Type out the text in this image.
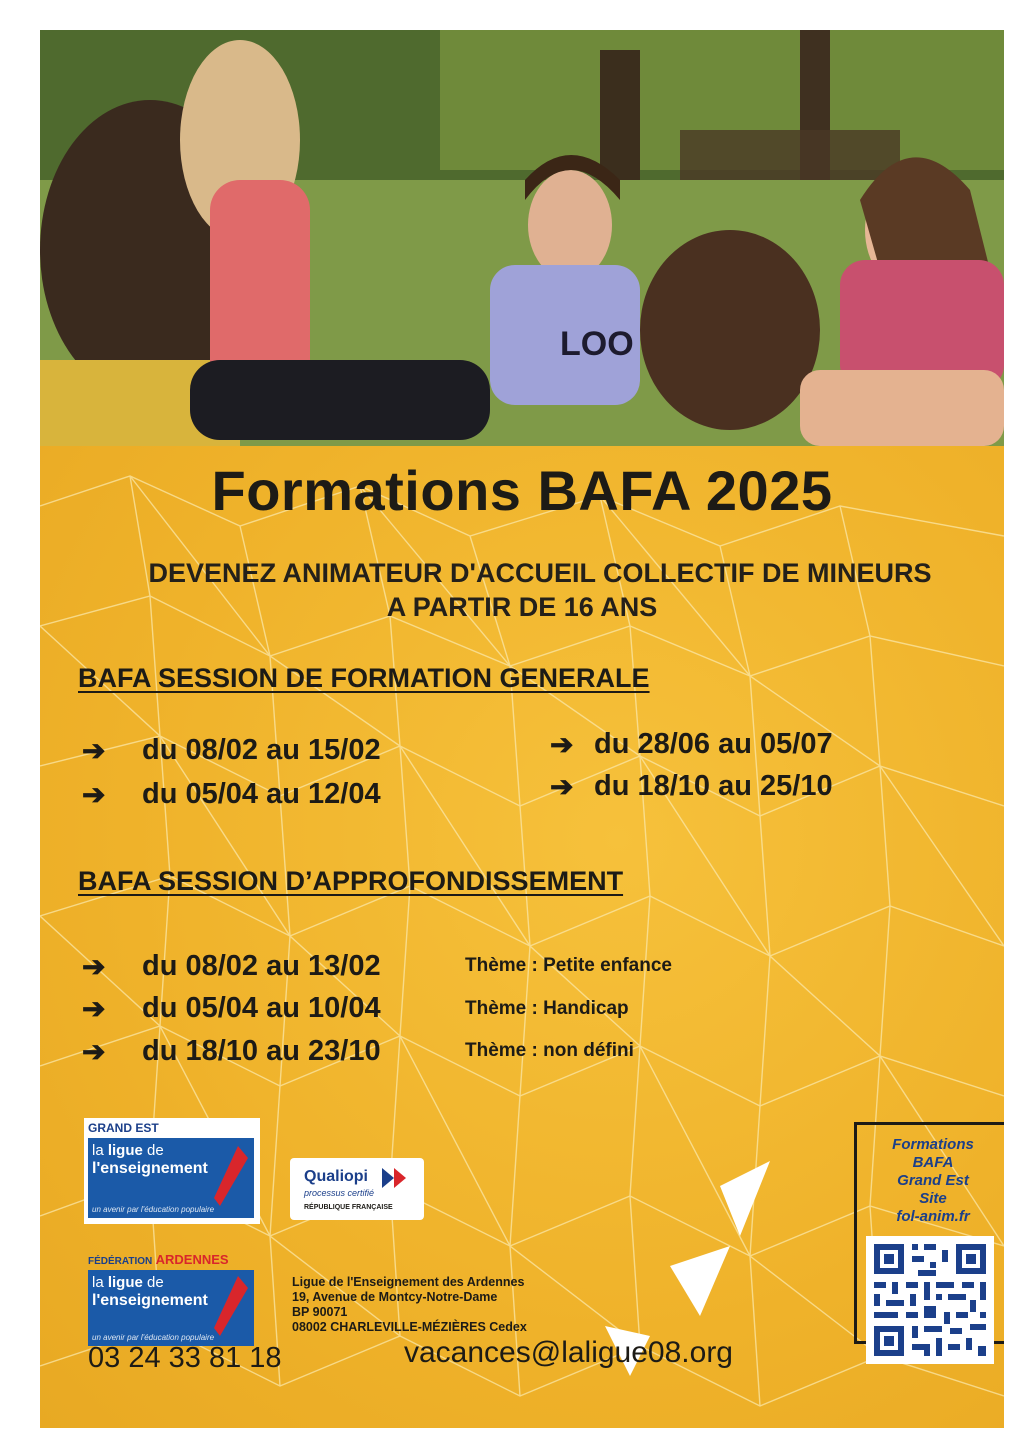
LOO
Formations BAFA 2025
DEVENEZ ANIMATEUR D'ACCUEIL COLLECTIF DE MINEURS
A PARTIR DE 16 ANS
BAFA SESSION DE FORMATION GENERALE
➔	du 08/02 au 15/02
➔	du 05/04 au 12/04
➔ du 28/06 au 05/07
➔ du 18/10 au 25/10
BAFA SESSION D’APPROFONDISSEMENT
➔	du 08/02 au 13/02	Thème : Petite enfance
➔	du 05/04 au 10/04	Thème : Handicap
➔	du 18/10 au 23/10	Thème : non défini
GRAND EST
la ligue de
l'enseignement
un avenir par l'éducation populaire
Qualiopi
processus certifié
RÉPUBLIQUE FRANÇAISE
FÉDÉRATION ARDENNES
la ligue de
l'enseignement
un avenir par l'éducation populaire
Ligue de l'Enseignement des Ardennes
19, Avenue de Montcy-Notre-Dame
BP 90071
08002 CHARLEVILLE-MÉZIÈRES Cedex
03 24 33 81 18	vacances@laligue08.org
Formations
BAFA
Grand Est
Site
fol-anim.fr
